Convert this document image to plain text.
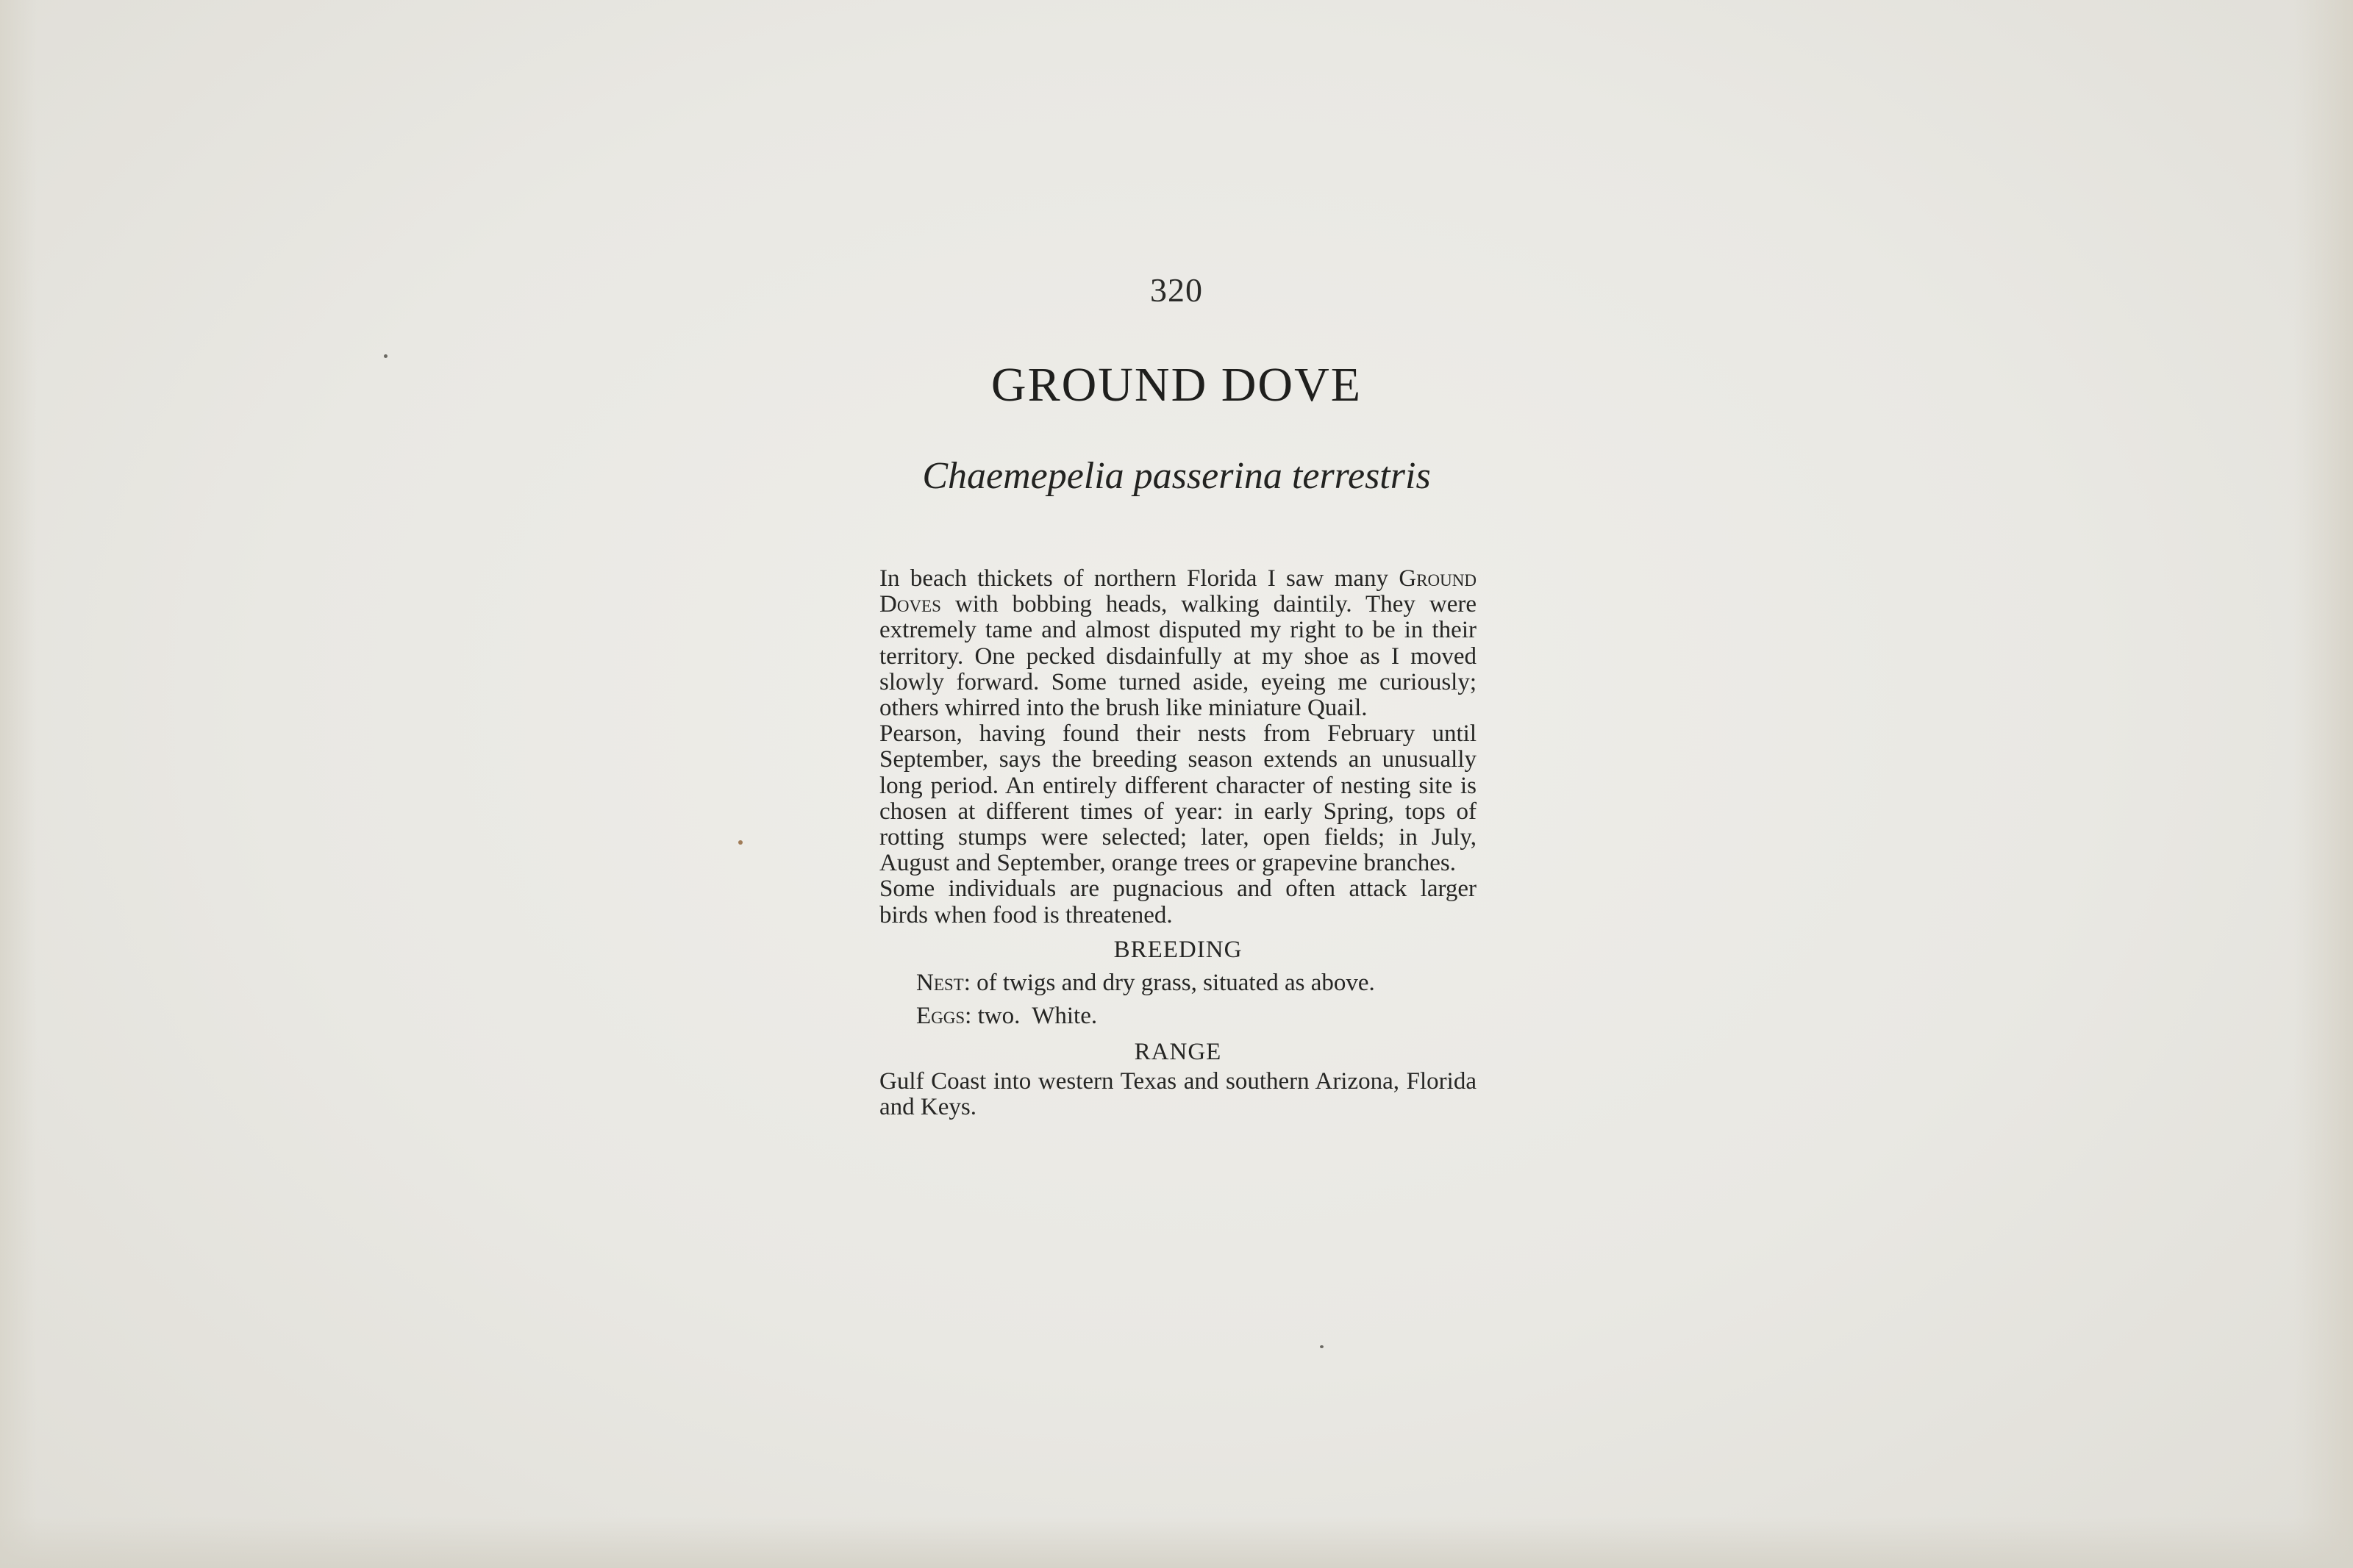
320
GROUND DOVE
Chaemepelia passerina terrestris

In beach thickets of northern Florida I saw many Ground Doves with bobbing heads, walking daintily. They were extremely tame and almost disputed my right to be in their territory. One pecked disdainfully at my shoe as I moved slowly forward. Some turned aside, eyeing me curiously; others whirred into the brush like miniature Quail.

Pearson, having found their nests from February until September, says the breeding season extends an unusually long period. An entirely different character of nesting site is chosen at different times of year: in early Spring, tops of rotting stumps were selected; later, open fields; in July, August and September, orange trees or grapevine branches.

Some individuals are pugnacious and often attack larger birds when food is threatened.

BREEDING

Nest: of twigs and dry grass, situated as above.

Eggs: two.  White.

RANGE

Gulf Coast into western Texas and southern Arizona, Florida and Keys.
